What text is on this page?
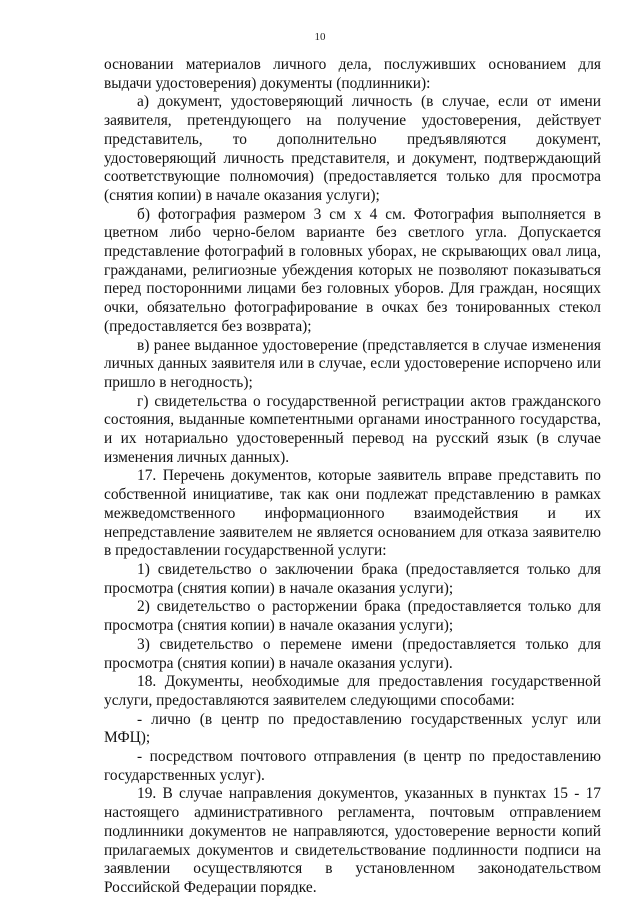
10

основании материалов личного дела, послуживших основанием для выдачи удостоверения) документы (подлинники):

а) документ, удостоверяющий личность (в случае, если от имени заявителя, претендующего на получение удостоверения, действует представитель, то дополнительно предъявляются документ, удостоверяющий личность представителя, и документ, подтверждающий соответствующие полномочия) (предоставляется только для просмотра (снятия копии) в начале оказания услуги);

б) фотография размером 3 см х 4 см. Фотография выполняется в цветном либо черно-белом варианте без светлого угла. Допускается представление фотографий в головных уборах, не скрывающих овал лица, гражданами, религиозные убеждения которых не позволяют показываться перед посторонними лицами без головных уборов. Для граждан, носящих очки, обязательно фотографирование в очках без тонированных стекол (предоставляется без возврата);

в) ранее выданное удостоверение (представляется в случае изменения личных данных заявителя или в случае, если удостоверение испорчено или пришло в негодность);

г) свидетельства о государственной регистрации актов гражданского состояния, выданные компетентными органами иностранного государства, и их нотариально удостоверенный перевод на русский язык (в случае изменения личных данных).

17. Перечень документов, которые заявитель вправе представить по собственной инициативе, так как они подлежат представлению в рамках межведомственного информационного взаимодействия и их непредставление заявителем не является основанием для отказа заявителю в предоставлении государственной услуги:

1) свидетельство о заключении брака (предоставляется только для просмотра (снятия копии) в начале оказания услуги);

2) свидетельство о расторжении брака (предоставляется только для просмотра (снятия копии) в начале оказания услуги);

3) свидетельство о перемене имени (предоставляется только для просмотра (снятия копии) в начале оказания услуги).

18. Документы, необходимые для предоставления государственной услуги, предоставляются заявителем следующими способами:

- лично (в центр по предоставлению государственных услуг или МФЦ);

- посредством почтового отправления (в центр по предоставлению государственных услуг).

19. В случае направления документов, указанных в пунктах 15 - 17 настоящего административного регламента, почтовым отправлением подлинники документов не направляются, удостоверение верности копий прилагаемых документов и свидетельствование подлинности подписи на заявлении осуществляются в установленном законодательством Российской Федерации порядке.
